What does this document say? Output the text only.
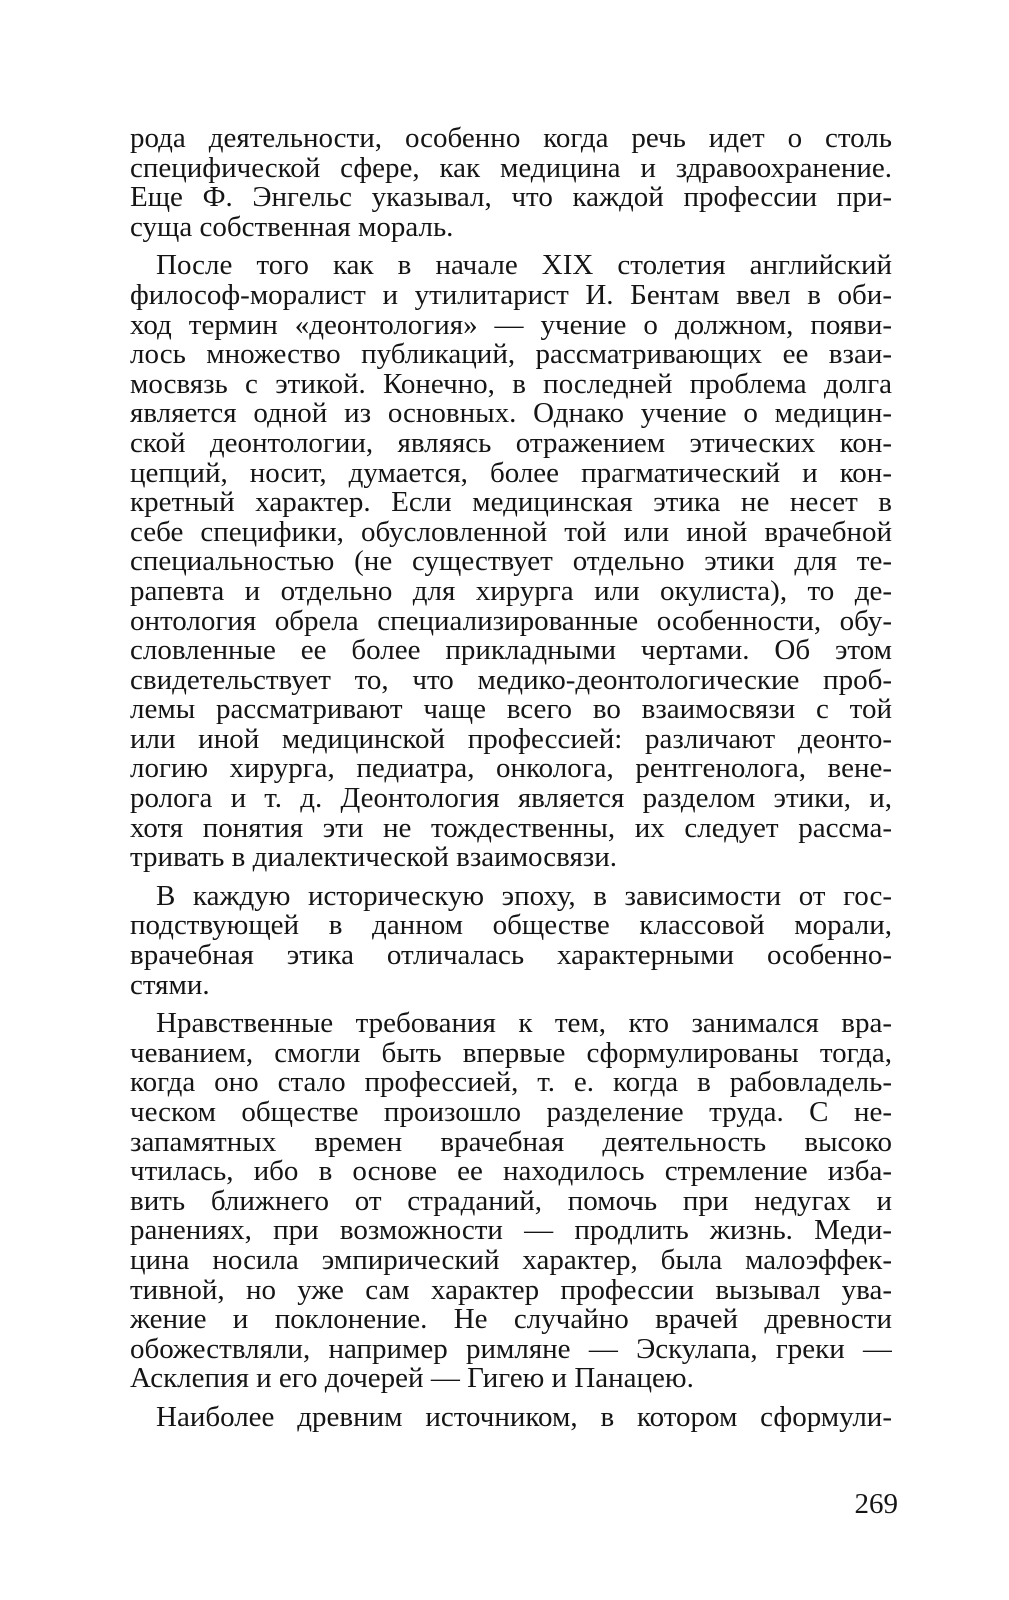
рода деятельности, особенно когда речь идет о столь
специфической сфере, как медицина и здравоохранение.
Еще Ф. Энгельс указывал, что каждой профессии при-
суща собственная мораль.
После того как в начале XIX столетия английский
философ-моралист и утилитарист И. Бентам ввел в оби-
ход термин «деонтология» — учение о должном, появи-
лось множество публикаций, рассматривающих ее взаи-
мосвязь с этикой. Конечно, в последней проблема долга
является одной из основных. Однако учение о медицин-
ской деонтологии, являясь отражением этических кон-
цепций, носит, думается, более прагматический и кон-
кретный характер. Если медицинская этика не несет в
себе специфики, обусловленной той или иной врачебной
специальностью (не существует отдельно этики для те-
рапевта и отдельно для хирурга или окулиста), то де-
онтология обрела специализированные особенности, обу-
словленные ее более прикладными чертами. Об этом
свидетельствует то, что медико-деонтологические проб-
лемы рассматривают чаще всего во взаимосвязи с той
или иной медицинской профессией: различают деонто-
логию хирурга, педиатра, онколога, рентгенолога, вене-
ролога и т. д. Деонтология является разделом этики, и,
хотя понятия эти не тождественны, их следует рассма-
тривать в диалектической взаимосвязи.
В каждую историческую эпоху, в зависимости от гос-
подствующей в данном обществе классовой морали,
врачебная этика отличалась характерными особенно-
стями.
Нравственные требования к тем, кто занимался вра-
чеванием, смогли быть впервые сформулированы тогда,
когда оно стало профессией, т. е. когда в рабовладель-
ческом обществе произошло разделение труда. С не-
запамятных времен врачебная деятельность высоко
чтилась, ибо в основе ее находилось стремление изба-
вить ближнего от страданий, помочь при недугах и
ранениях, при возможности — продлить жизнь. Меди-
цина носила эмпирический характер, была малоэффек-
тивной, но уже сам характер профессии вызывал ува-
жение и поклонение. Не случайно врачей древности
обожествляли, например римляне — Эскулапа, греки —
Асклепия и его дочерей — Гигею и Панацею.
Наиболее древним источником, в котором сформули-
269
